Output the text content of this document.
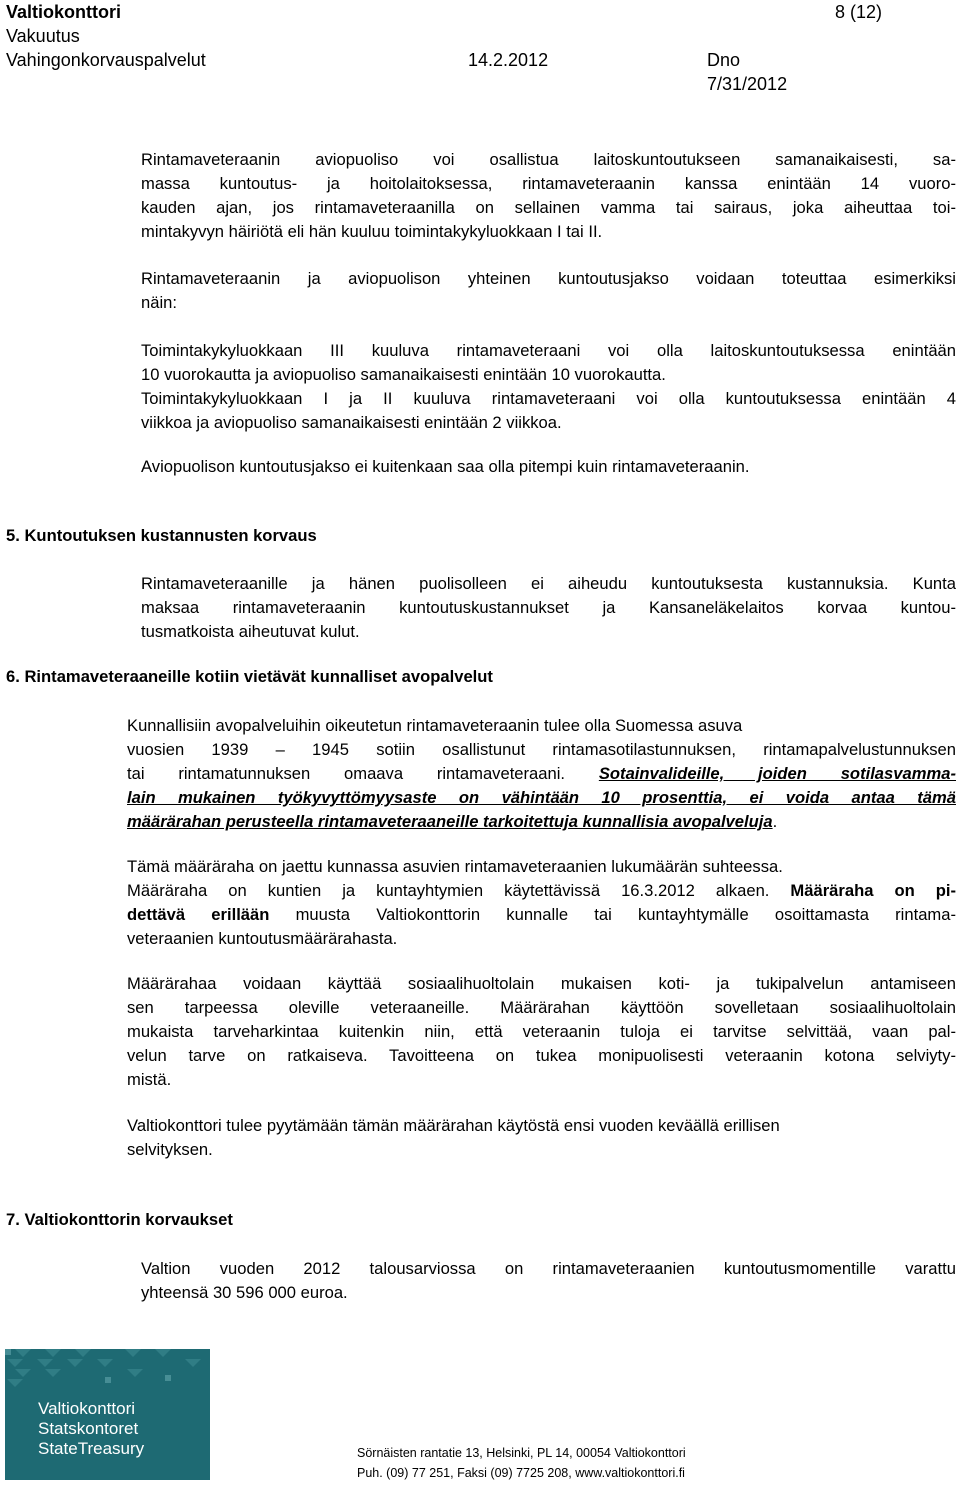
Valtiokonttori	8 (12)
Vakuutus
Vahingonkorvauspalvelut	14.2.2012	Dno
7/31/2012
Rintamaveteraanin aviopuoliso voi osallistua laitoskuntoutukseen samanaikaisesti, sa-
massa kuntoutus- ja hoitolaitoksessa, rintamaveteraanin kanssa enintään 14 vuoro-
kauden ajan, jos rintamaveteraanilla on sellainen vamma tai sairaus, joka aiheuttaa toi-
mintakyvyn häiriötä eli hän kuuluu toimintakykyluokkaan I tai II.
Rintamaveteraanin ja aviopuolison yhteinen kuntoutusjakso voidaan toteuttaa esimerkiksi
näin:
Toimintakykyluokkaan III kuuluva rintamaveteraani voi olla laitoskuntoutuksessa enintään
10 vuorokautta ja aviopuoliso samanaikaisesti enintään 10 vuorokautta.
Toimintakykyluokkaan I ja II kuuluva rintamaveteraani voi olla kuntoutuksessa enintään 4
viikkoa ja aviopuoliso samanaikaisesti enintään 2 viikkoa.
Aviopuolison kuntoutusjakso ei kuitenkaan saa olla pitempi kuin rintamaveteraanin.
5. Kuntoutuksen kustannusten korvaus
Rintamaveteraanille ja hänen puolisolleen ei aiheudu kuntoutuksesta kustannuksia. Kunta
maksaa rintamaveteraanin kuntoutuskustannukset ja Kansaneläkelaitos korvaa kuntou-
tusmatkoista aiheutuvat kulut.
6. Rintamaveteraaneille kotiin vietävät kunnalliset avopalvelut
Kunnallisiin avopalveluihin oikeutetun rintamaveteraanin tulee olla Suomessa asuva
vuosien 1939 – 1945 sotiin osallistunut rintamasotilastunnuksen, rintamapalvelustunnuksen
tai rintamatunnuksen omaava rintamaveteraani. Sotainvalideille, joiden sotilasvamma-
lain mukainen työkyvyttömyysaste on vähintään 10 prosenttia, ei voida antaa tämä
määrärahan perusteella rintamaveteraaneille tarkoitettuja kunnallisia avopalveluja.
Tämä määräraha on jaettu kunnassa asuvien rintamaveteraanien lukumäärän suhteessa.
Määräraha on kuntien ja kuntayhtymien käytettävissä 16.3.2012 alkaen. Määräraha on pi-
dettävä erillään muusta Valtiokonttorin kunnalle tai kuntayhtymälle osoittamasta rintama-
veteraanien kuntoutusmäärärahasta.
Määrärahaa voidaan käyttää sosiaalihuoltolain mukaisen koti- ja tukipalvelun antamiseen
sen tarpeessa oleville veteraaneille. Määrärahan käyttöön sovelletaan sosiaalihuoltolain
mukaista tarveharkintaa kuitenkin niin, että veteraanin tuloja ei tarvitse selvittää, vaan pal-
velun tarve on ratkaiseva. Tavoitteena on tukea monipuolisesti veteraanin kotona selviyty-
mistä.
Valtiokonttori tulee pyytämään tämän määrärahan käytöstä ensi vuoden keväällä erillisen
selvityksen.
7. Valtiokonttorin korvaukset
Valtion vuoden 2012 talousarviossa on rintamaveteraanien kuntoutusmomentille varattu
yhteensä 30 596 000 euroa.
Valtiokonttori
Statskontoret
StateTreasury	Sörnäisten rantatie 13, Helsinki, PL 14, 00054 Valtiokonttori
Puh. (09) 77 251, Faksi (09) 7725 208, www.valtiokonttori.fi
